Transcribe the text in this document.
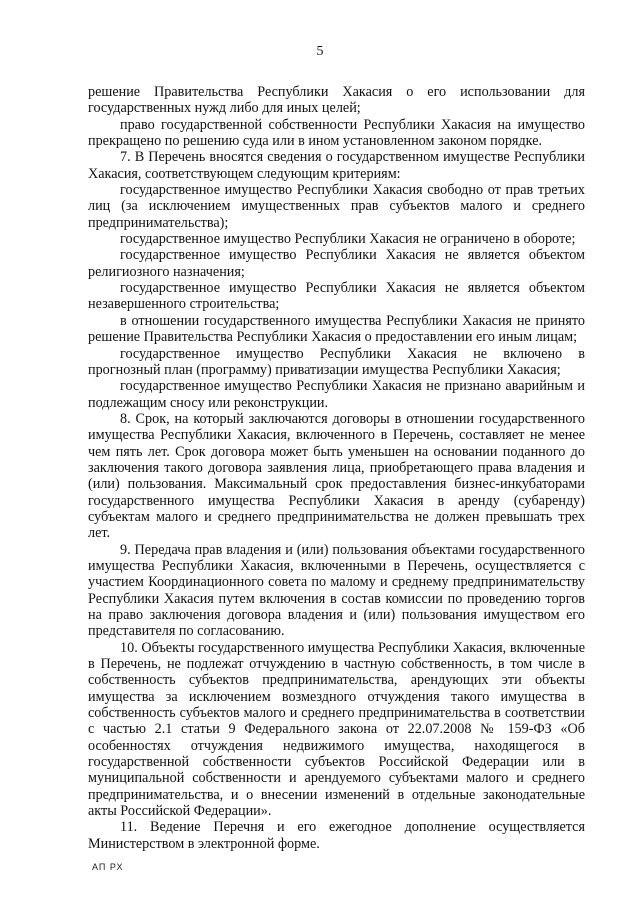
5

решение Правительства Республики Хакасия о его использовании для государственных нужд либо для иных целей;

право государственной собственности Республики Хакасия на имущество прекращено по решению суда или в ином установленном законом порядке.

7. В Перечень вносятся сведения о государственном имуществе Республики Хакасия, соответствующем следующим критериям:

государственное имущество Республики Хакасия свободно от прав третьих лиц (за исключением имущественных прав субъектов малого и среднего предпринимательства);

государственное имущество Республики Хакасия не ограничено в обороте;

государственное имущество Республики Хакасия не является объектом религиозного назначения;

государственное имущество Республики Хакасия не является объектом незавершенного строительства;

в отношении государственного имущества Республики Хакасия не принято решение Правительства Республики Хакасия о предоставлении его иным лицам;

государственное имущество Республики Хакасия не включено в прогнозный план (программу) приватизации имущества Республики Хакасия;

государственное имущество Республики Хакасия не признано аварийным и подлежащим сносу или реконструкции.

8. Срок, на который заключаются договоры в отношении государственного имущества Республики Хакасия, включенного в Перечень, составляет не менее чем пять лет. Срок договора может быть уменьшен на основании поданного до заключения такого договора заявления лица, приобретающего права владения и (или) пользования. Максимальный срок предоставления бизнес-инкубаторами государственного имущества Республики Хакасия в аренду (субаренду) субъектам малого и среднего предпринимательства не должен превышать трех лет.

9. Передача прав владения и (или) пользования объектами государственного имущества Республики Хакасия, включенными в Перечень, осуществляется с участием Координационного совета по малому и среднему предпринимательству Республики Хакасия путем включения в состав комиссии по проведению торгов на право заключения договора владения и (или) пользования имуществом его представителя по согласованию.

10. Объекты государственного имущества Республики Хакасия, включенные в Перечень, не подлежат отчуждению в частную собственность, в том числе в собственность субъектов предпринимательства, арендующих эти объекты имущества за исключением возмездного отчуждения такого имущества в собственность субъектов малого и среднего предпринимательства в соответствии с частью 2.1 статьи 9 Федерального закона от 22.07.2008 № 159-ФЗ «Об особенностях отчуждения недвижимого имущества, находящегося в государственной собственности субъектов Российской Федерации или в муниципальной собственности и арендуемого субъектами малого и среднего предпринимательства, и о внесении изменений в отдельные законодательные акты Российской Федерации».

11. Ведение Перечня и его ежегодное дополнение осуществляется Министерством в электронной форме.

АП РХ
